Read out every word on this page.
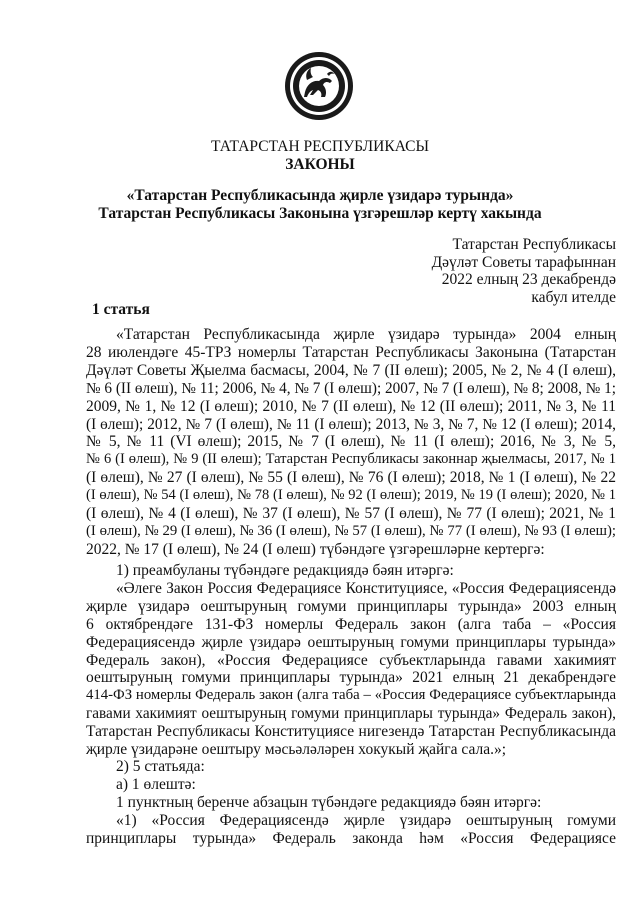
ТАТАРСТАН РЕСПУБЛИКАСЫ
ЗАКОНЫ
«Татарстан Республикасында җирле үзидарә турында»
Татарстан Республикасы Законына үзгәрешләр кертү хакында
Татарстан Республикасы
Дәүләт Советы тарафыннан
2022 елның 23 декабрендә
кабул ителде
1 статья
«Татарстан Республикасында җирле үзидарә турында» 2004 елның
28 июлендәге 45-ТРЗ номерлы Татарстан Республикасы Законына (Татарстан
Дәүләт Советы Җыелма басмасы, 2004, № 7 (II өлеш); 2005, № 2, № 4 (I өлеш),
№ 6 (II өлеш), № 11; 2006, № 4, № 7 (I өлеш); 2007, № 7 (I өлеш), № 8; 2008, № 1;
2009, № 1, № 12 (I өлеш); 2010, № 7 (II өлеш), № 12 (II өлеш); 2011, № 3, № 11
(I өлеш); 2012, № 7 (I өлеш), № 11 (I өлеш); 2013, № 3, № 7, № 12 (I өлеш); 2014,
№ 5, № 11 (VI өлеш); 2015, № 7 (I өлеш), № 11 (I өлеш); 2016, № 3, № 5,
№ 6 (I өлеш), № 9 (II өлеш); Татарстан Республикасы законнар җыелмасы, 2017, № 1
(I өлеш), № 27 (I өлеш), № 55 (I өлеш), № 76 (I өлеш); 2018, № 1 (I өлеш), № 22
(I өлеш), № 54 (I өлеш), № 78 (I өлеш), № 92 (I өлеш); 2019, № 19 (I өлеш); 2020, № 1
(I өлеш), № 4 (I өлеш), № 37 (I өлеш), № 57 (I өлеш), № 77 (I өлеш); 2021, № 1
(I өлеш), № 29 (I өлеш), № 36 (I өлеш), № 57 (I өлеш), № 77 (I өлеш), № 93 (I өлеш);
2022, № 17 (I өлеш), № 24 (I өлеш) түбәндәге үзгәрешләрне кертергә:
1) преамбуланы түбәндәге редакциядә бәян итәргә:
«Әлеге Закон Россия Федерациясе Конституциясе, «Россия Федерациясендә
җирле үзидарә оештыруның гомуми принциплары турында» 2003 елның
6 октябрендәге 131-ФЗ номерлы Федераль закон (алга таба – «Россия
Федерациясендә җирле үзидарә оештыруның гомуми принциплары турында»
Федераль закон), «Россия Федерациясе субъектларында гавами хакимият
оештыруның гомуми принциплары турында» 2021 елның 21 декабрендәге
414-ФЗ номерлы Федераль закон (алга таба – «Россия Федерациясе субъектларында
гавами хакимият оештыруның гомуми принциплары турында» Федераль закон),
Татарстан Республикасы Конституциясе нигезендә Татарстан Республикасында
җирле үзидарәне оештыру мәсьәләләрен хокукый җайга сала.»;
2) 5 статьяда:
а) 1 өлештә:
1 пунктның беренче абзацын түбәндәге редакциядә бәян итәргә:
«1) «Россия Федерациясендә җирле үзидарә оештыруның гомуми
принциплары турында» Федераль законда һәм «Россия Федерациясе
